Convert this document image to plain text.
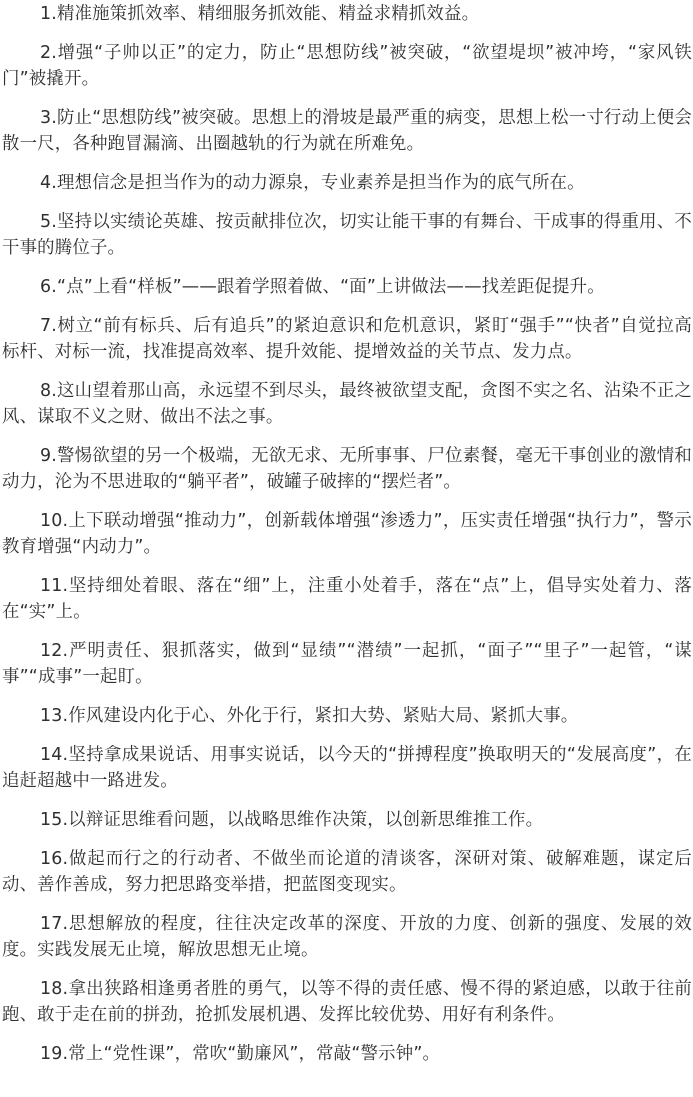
1.精准施策抓效率、精细服务抓效能、精益求精抓效益。

2.增强“子帅以正”的定力，防止“思想防线”被突破，“欲望堤坝”被冲垮，“家风铁门”被撬开。

3.防止“思想防线”被突破。思想上的滑坡是最严重的病变，思想上松一寸行动上便会散一尺，各种跑冒漏滴、出圈越轨的行为就在所难免。

4.理想信念是担当作为的动力源泉，专业素养是担当作为的底气所在。

5.坚持以实绩论英雄、按贡献排位次，切实让能干事的有舞台、干成事的得重用、不干事的腾位子。

6.“点”上看“样板”——跟着学照着做、“面”上讲做法——找差距促提升。

7.树立“前有标兵、后有追兵”的紧迫意识和危机意识，紧盯“强手”“快者”自觉拉高标杆、对标一流，找准提高效率、提升效能、提增效益的关节点、发力点。

8.这山望着那山高，永远望不到尽头，最终被欲望支配，贪图不实之名、沾染不正之风、谋取不义之财、做出不法之事。

9.警惕欲望的另一个极端，无欲无求、无所事事、尸位素餐，毫无干事创业的激情和动力，沦为不思进取的“躺平者”，破罐子破摔的“摆烂者”。

10.上下联动增强“推动力”，创新载体增强“渗透力”，压实责任增强“执行力”，警示教育增强“内动力”。

11.坚持细处着眼、落在“细”上，注重小处着手，落在“点”上，倡导实处着力、落在“实”上。

12.严明责任、狠抓落实，做到“显绩”“潜绩”一起抓，“面子”“里子”一起管，“谋事”“成事”一起盯。

13.作风建设内化于心、外化于行，紧扣大势、紧贴大局、紧抓大事。

14.坚持拿成果说话、用事实说话，以今天的“拼搏程度”换取明天的“发展高度”，在追赶超越中一路进发。

15.以辩证思维看问题，以战略思维作决策，以创新思维推工作。

16.做起而行之的行动者、不做坐而论道的清谈客，深研对策、破解难题，谋定后动、善作善成，努力把思路变举措，把蓝图变现实。

17.思想解放的程度，往往决定改革的深度、开放的力度、创新的强度、发展的效度。实践发展无止境，解放思想无止境。

18.拿出狭路相逢勇者胜的勇气，以等不得的责任感、慢不得的紧迫感，以敢于往前跑、敢于走在前的拼劲，抢抓发展机遇、发挥比较优势、用好有利条件。

19.常上“党性课”，常吹“勤廉风”，常敲“警示钟”。
